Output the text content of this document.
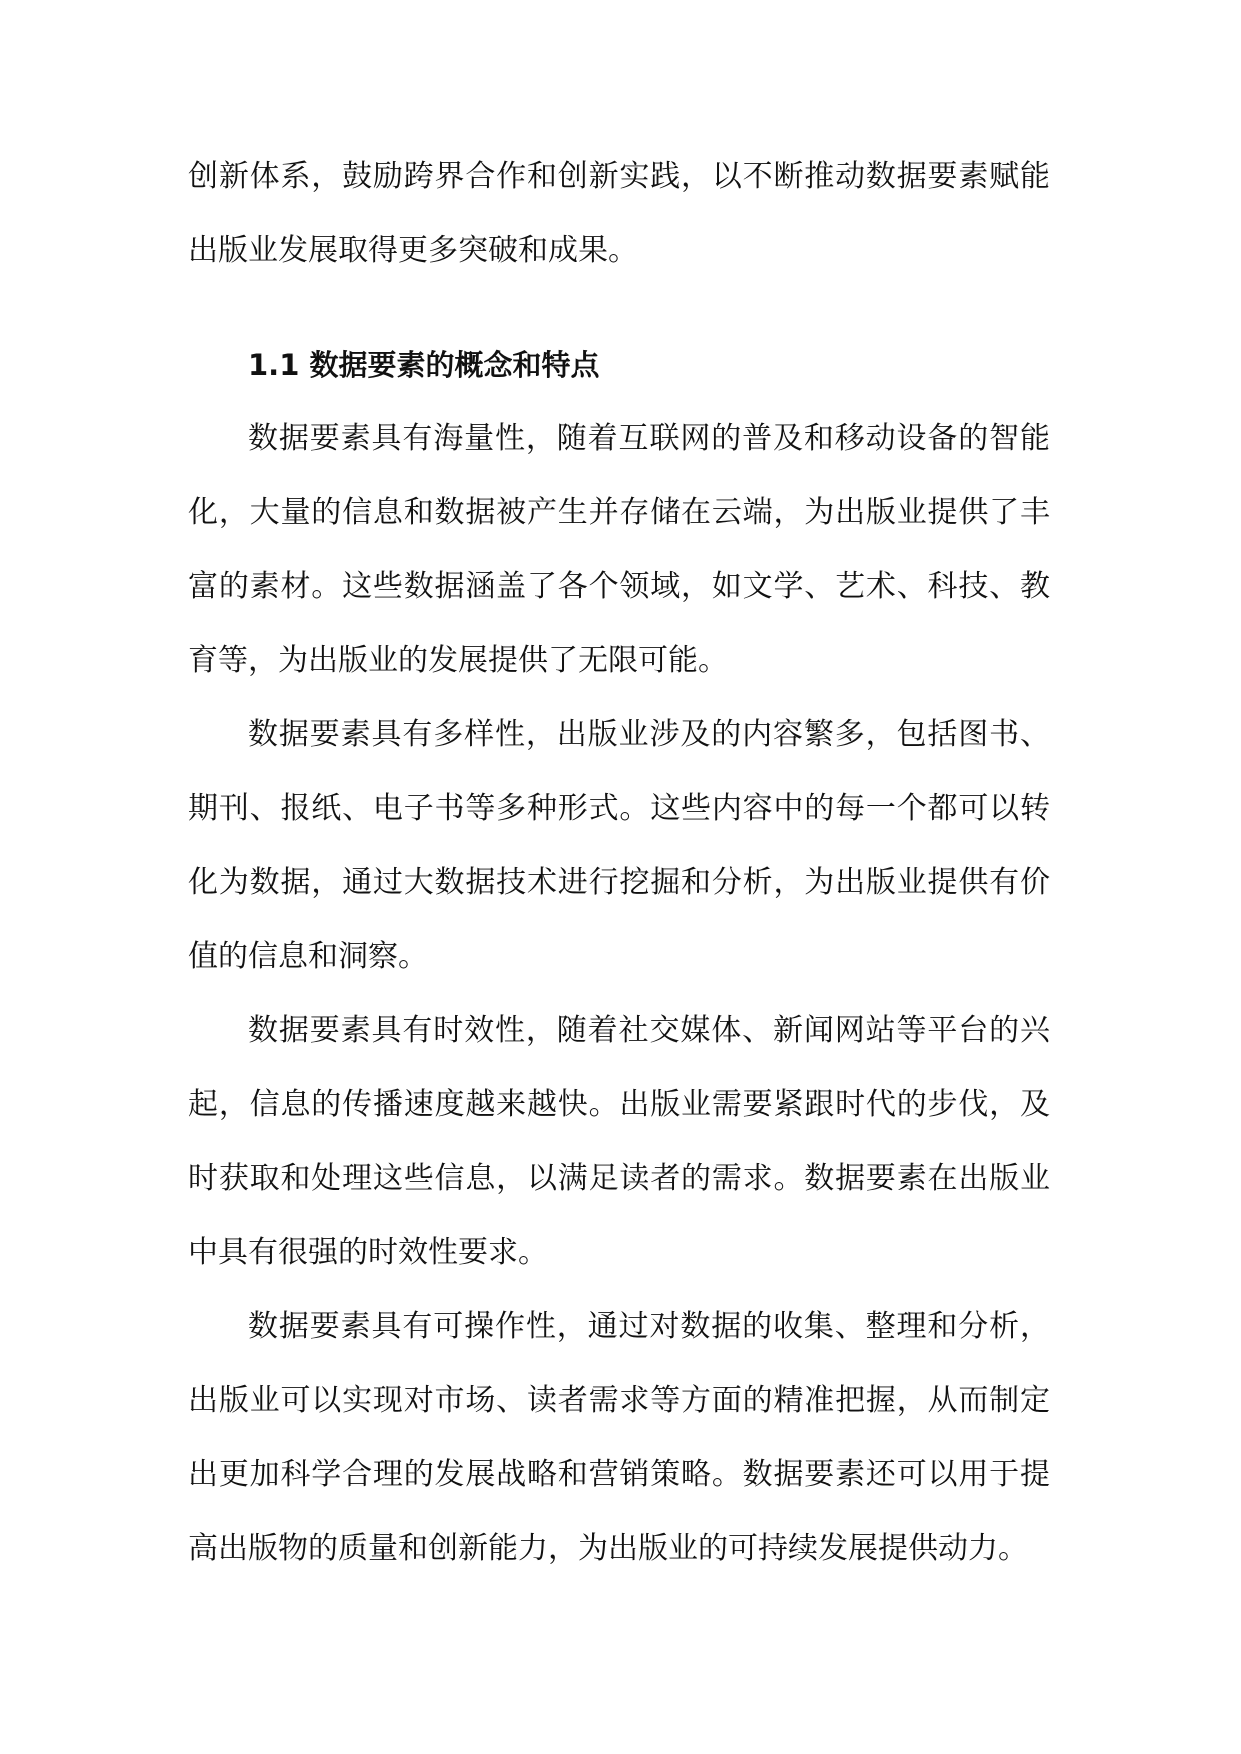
创新体系，鼓励跨界合作和创新实践，以不断推动数据要素赋能出版业发展取得更多突破和成果。

1.1 数据要素的概念和特点

数据要素具有海量性，随着互联网的普及和移动设备的智能化，大量的信息和数据被产生并存储在云端，为出版业提供了丰富的素材。这些数据涵盖了各个领域，如文学、艺术、科技、教育等，为出版业的发展提供了无限可能。

数据要素具有多样性，出版业涉及的内容繁多，包括图书、期刊、报纸、电子书等多种形式。这些内容中的每一个都可以转化为数据，通过大数据技术进行挖掘和分析，为出版业提供有价值的信息和洞察。

数据要素具有时效性，随着社交媒体、新闻网站等平台的兴起，信息的传播速度越来越快。出版业需要紧跟时代的步伐，及时获取和处理这些信息，以满足读者的需求。数据要素在出版业中具有很强的时效性要求。

数据要素具有可操作性，通过对数据的收集、整理和分析，出版业可以实现对市场、读者需求等方面的精准把握，从而制定出更加科学合理的发展战略和营销策略。数据要素还可以用于提高出版物的质量和创新能力，为出版业的可持续发展提供动力。
